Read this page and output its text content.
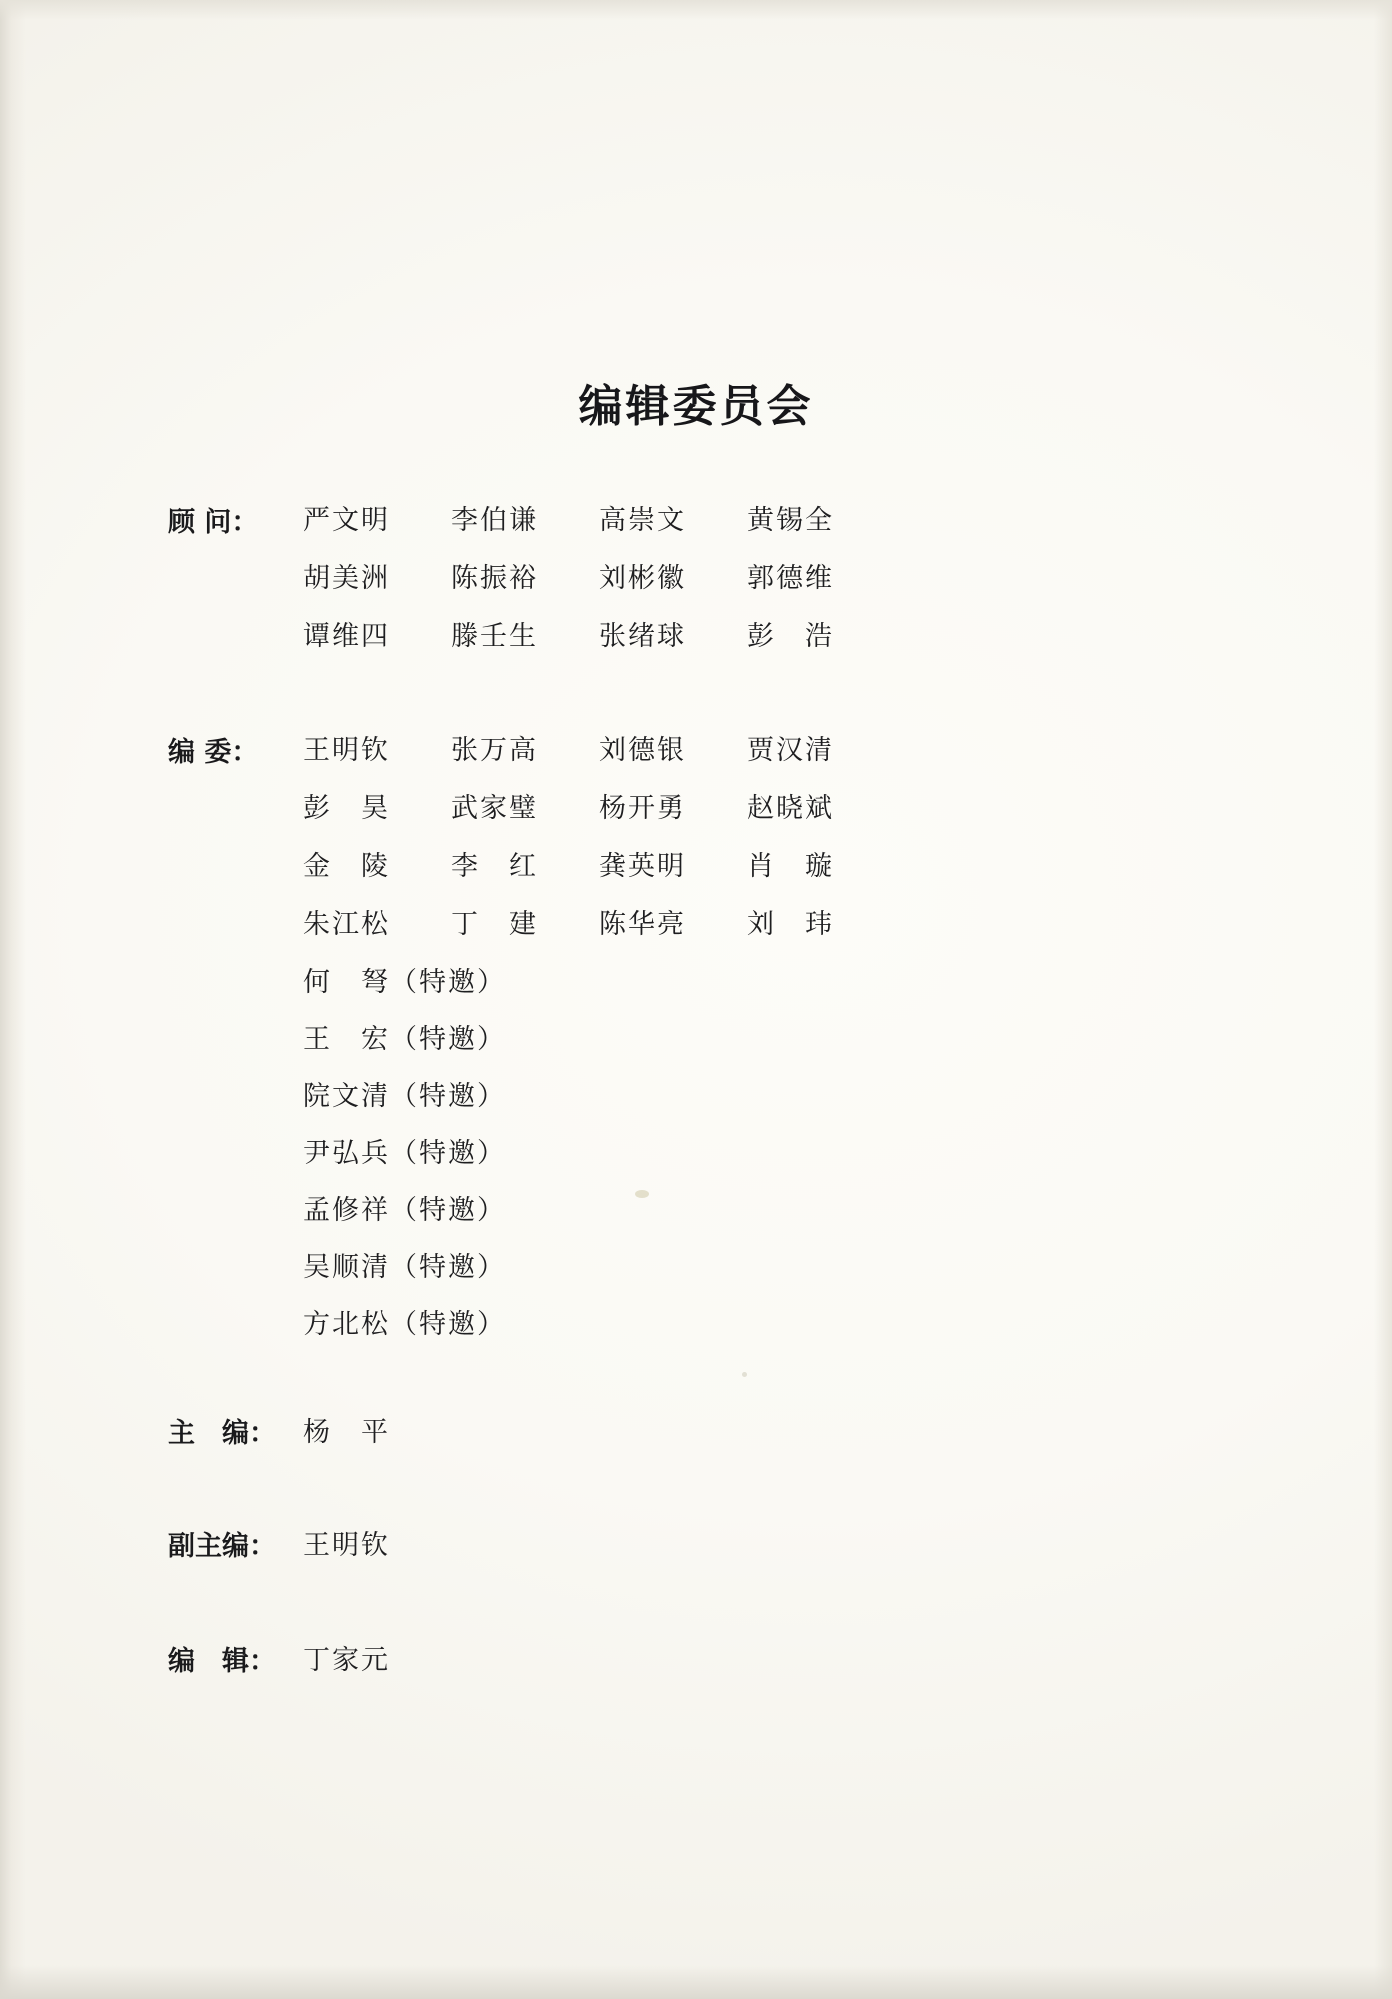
编辑委员会
顾 问：	严文明	李伯谦	高崇文	黄锡全
胡美洲	陈振裕	刘彬徽	郭德维
谭维四	滕壬生	张绪球	彭　浩
编 委：	王明钦	张万高	刘德银	贾汉清
彭　昊	武家璧	杨开勇	赵晓斌
金　陵	李　红	龚英明	肖　璇
朱江松	丁　建	陈华亮	刘　玮
何　弩（特邀）
王　宏（特邀）
院文清（特邀）
尹弘兵（特邀）
孟修祥（特邀）
吴顺清（特邀）
方北松（特邀）
主　编：	杨　平
副主编：	王明钦
编　辑：	丁家元
